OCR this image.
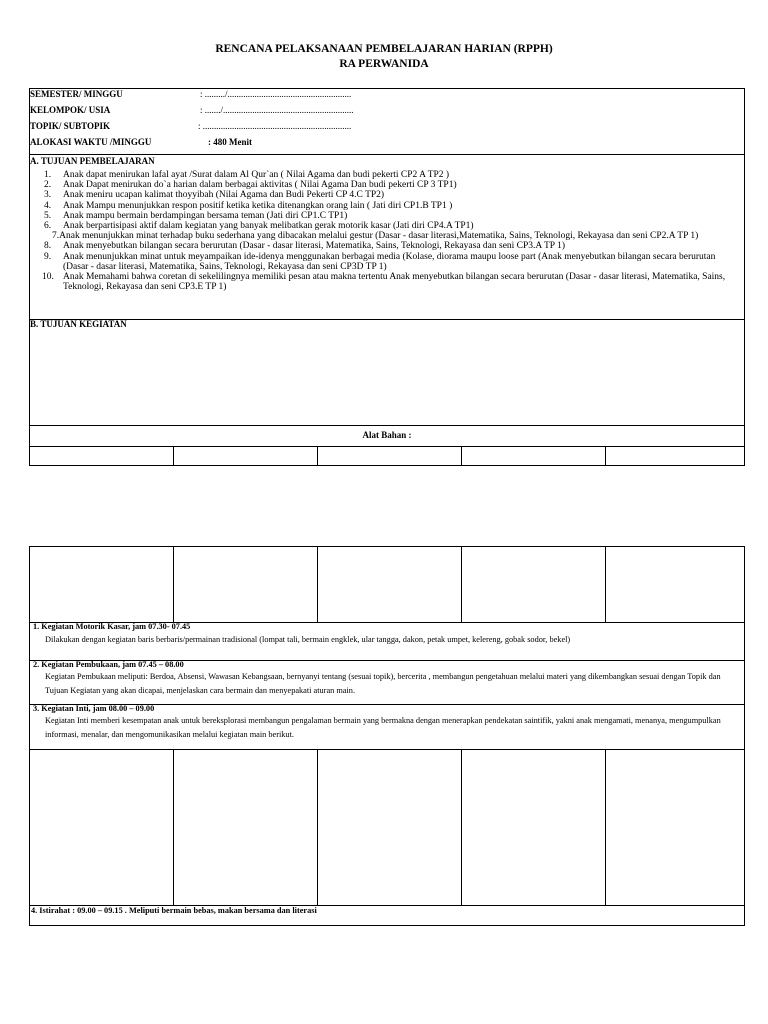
RENCANA PELAKSANAAN PEMBELAJARAN HARIAN (RPPH)
RA PERWANIDA
SEMESTER/ MINGGU	: ........./.......................................................
KELOMPOK/ USIA	: ......./..........................................................
TOPIK/ SUBTOPIK	: ..................................................................
ALOKASI WAKTU /MINGGU	: 480 Menit
A. TUJUAN PEMBELAJARAN
1. Anak dapat menirukan lafal ayat /Surat dalam Al Qur`an ( Nilai Agama dan budi pekerti CP2 A TP2 )
2. Anak Dapat menirukan do`a harian dalam berbagai aktivitas ( Nilai Agama Dan budi pekerti CP 3 TP1)
3. Anak meniru ucapan kalimat thoyyibah (Nilai Agama dan Budi Pekerti CP 4.C TP2)
4. Anak Mampu menunjukkan respon positif ketika ketika ditenangkan orang lain ( Jati diri CP1.B TP1 )
5. Anak mampu bermain berdampingan bersama teman (Jati diri CP1.C TP1)
6. Anak berpartisipasi aktif dalam kegiatan yang banyak melibatkan gerak motorik kasar (Jati diri CP4.A TP1)
7.Anak menunjukkan minat terhadap buku sederhana yang dibacakan melalui gestur (Dasar - dasar literasi,Matematika, Sains, Teknologi, Rekayasa dan seni CP2.A TP 1)
8. Anak menyebutkan bilangan secara berurutan (Dasar - dasar literasi, Matematika, Sains, Teknologi, Rekayasa dan seni CP3.A TP 1)
9. Anak menunjukkan minat untuk meyampaikan ide-idenya menggunakan berbagai media (Kolase, diorama maupu loose part (Anak menyebutkan bilangan secara berurutan (Dasar - dasar literasi, Matematika, Sains, Teknologi, Rekayasa dan seni CP3D TP 1)
10. Anak Memahami bahwa coretan di sekelilingnya memiliki pesan atau makna tertentu Anak menyebutkan bilangan secara berurutan (Dasar - dasar literasi, Matematika, Sains, Teknologi, Rekayasa dan seni CP3.E TP 1)
B. TUJUAN KEGIATAN
Alat Bahan :
1. Kegiatan Motorik Kasar, jam 07.30- 07.45
Dilakukan dengan kegiatan baris berbaris/permainan tradisional (lompat tali, bermain engklek, ular tangga, dakon, petak umpet, kelereng, gobak sodor, bekel)
2. Kegiatan Pembukaan, jam 07.45 – 08.00
Kegiatan Pembukaan meliputi: Berdoa, Absensi, Wawasan Kebangsaan, bernyanyi tentang (sesuai topik), bercerita , membangun pengetahuan melalui materi yang dikembangkan sesuai dengan Topik dan Tujuan Kegiatan yang akan dicapai, menjelaskan cara bermain dan menyepakati aturan main.
3. Kegiatan Inti, jam 08.00 – 09.00
Kegiatan Inti memberi kesempatan anak untuk bereksplorasi membangun pengalaman bermain yang bermakna dengan menerapkan pendekatan saintifik, yakni anak mengamati, menanya, mengumpulkan informasi, menalar, dan mengomunikasikan melalui kegiatan main berikut.
4. Istirahat : 09.00 – 09.15 . Meliputi bermain bebas, makan bersama dan literasi
